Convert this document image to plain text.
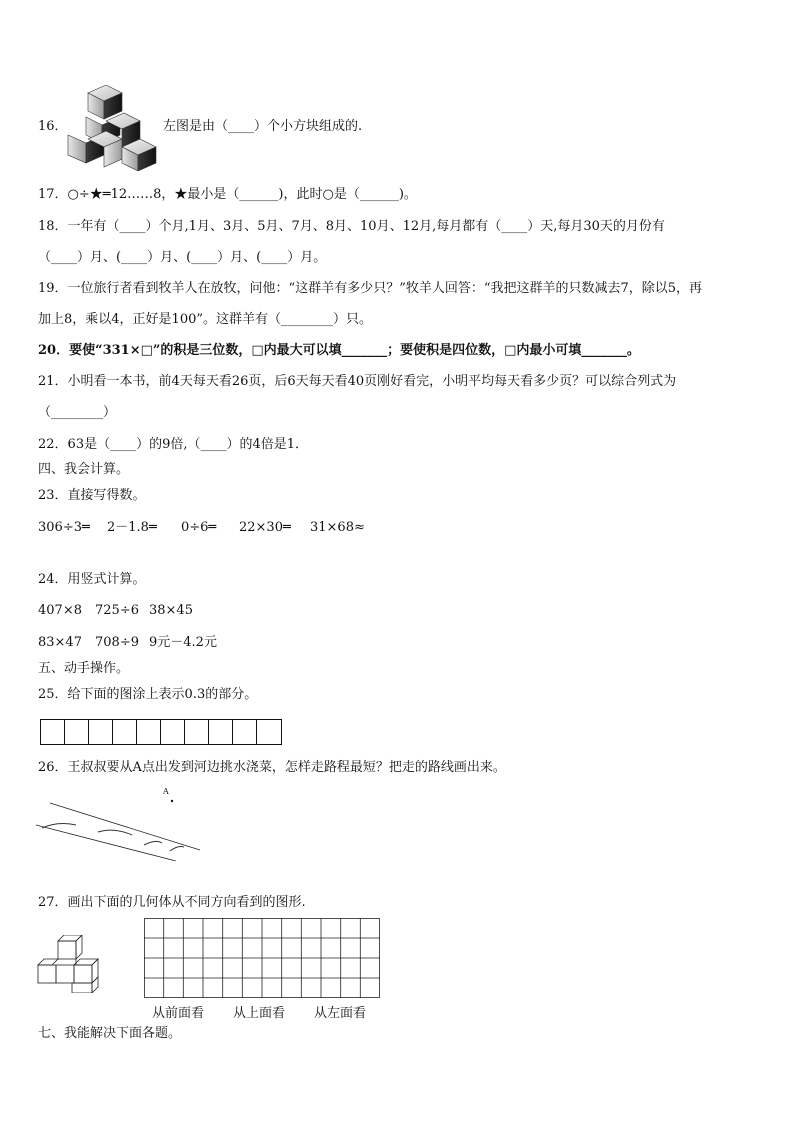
16．	左图是由（____）个小方块组成的.
17．○÷★═12……8，★最小是（______)，此时○是（______)。
18．一年有（____）个月,1月、3月、5月、7月、8月、10月、12月,每月都有（____）天,每月30天的月份有
（____）月、(____）月、(____）月、(____）月。
19．一位旅行者看到牧羊人在放牧，问他：“这群羊有多少只？”牧羊人回答：“我把这群羊的只数减去7，除以5，再
加上8，乘以4，正好是100”。这群羊有（________）只。
20．要使“331×□”的积是三位数，□内最大可以填_______；要使积是四位数，□内最小可填_______。
21．小明看一本书，前4天每天看26页，后6天每天看40页刚好看完，小明平均每天看多少页？可以综合列式为
（________）
22．63是（____）的9倍,（____）的4倍是1．
四、我会计算。
23．直接写得数。
306÷3═ 2－1.8═ 0÷6═ 22×30═ 31×68≈
24．用竖式计算。
407×8 725÷6 38×45
83×47 708÷9 9元－4.2元
五、动手操作。
25．给下面的图涂上表示0.3的部分。
26．王叔叔要从A点出发到河边挑水浇菜，怎样走路程最短？把走的路线画出来。
A
27．画出下面的几何体从不同方向看到的图形.
从前面看 从上面看 从左面看
七、我能解决下面各题。
